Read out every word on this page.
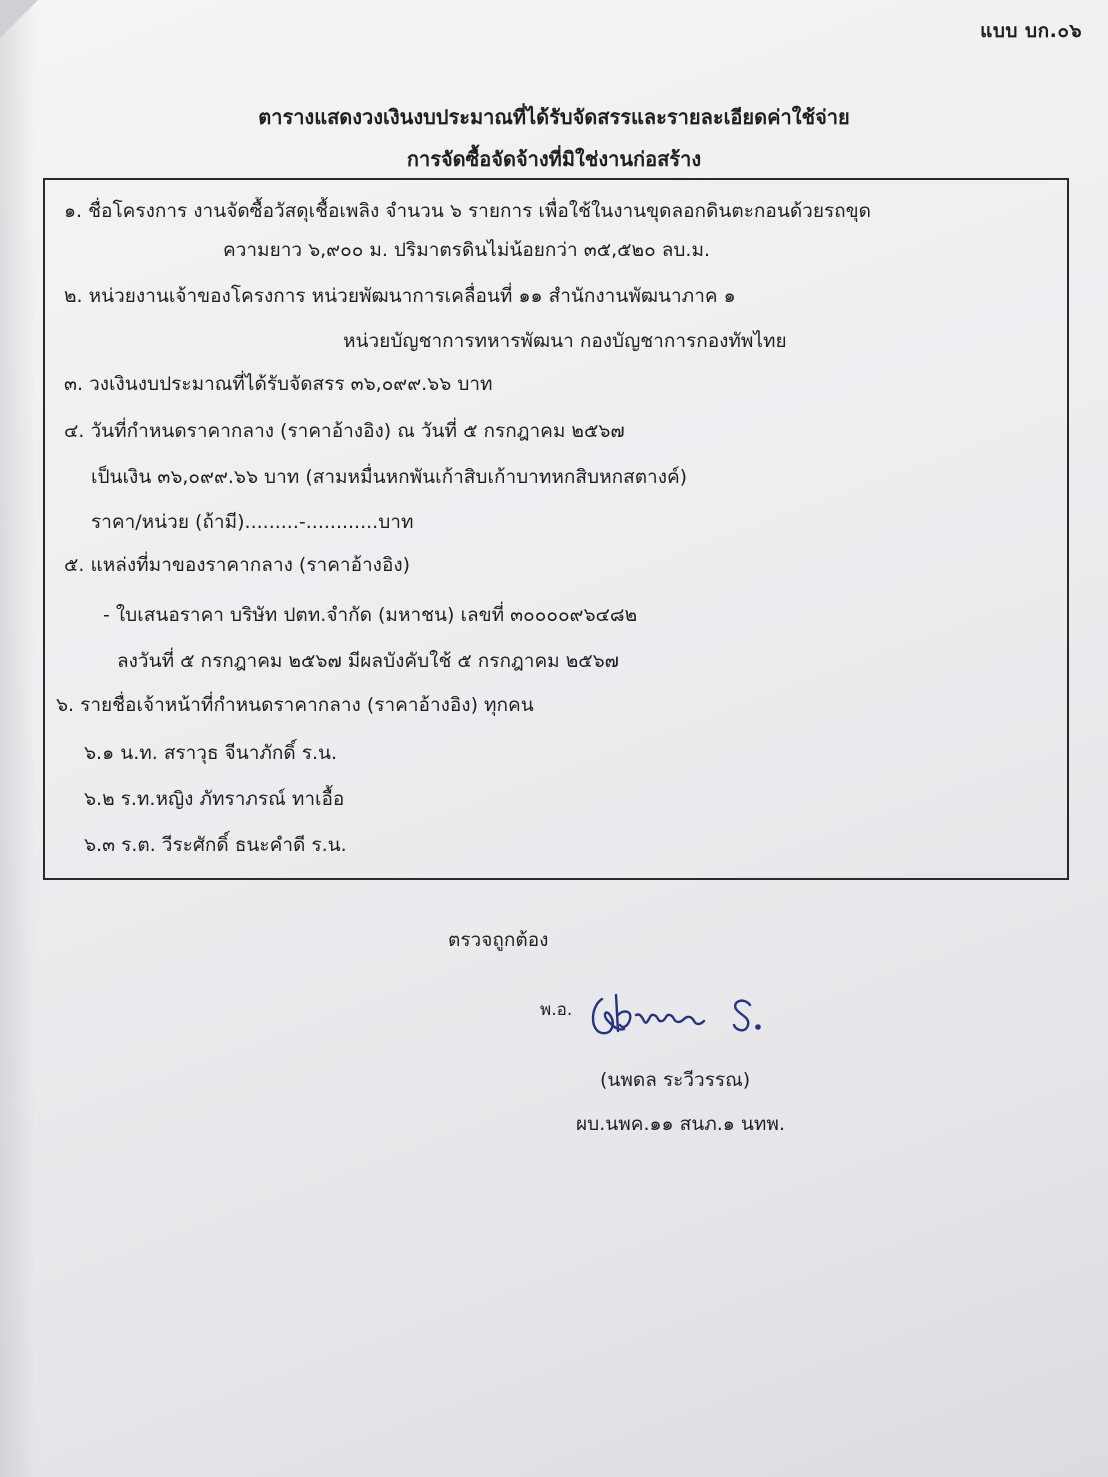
แบบ บก.๐๖
ตารางแสดงวงเงินงบประมาณที่ได้รับจัดสรรและรายละเอียดค่าใช้จ่าย
การจัดซื้อจัดจ้างที่มิใช่งานก่อสร้าง
๑. ชื่อโครงการ งานจัดซื้อวัสดุเชื้อเพลิง จำนวน ๖ รายการ เพื่อใช้ในงานขุดลอกดินตะกอนด้วยรถขุด
ความยาว ๖,๙๐๐ ม. ปริมาตรดินไม่น้อยกว่า ๓๕,๕๒๐ ลบ.ม.
๒. หน่วยงานเจ้าของโครงการ หน่วยพัฒนาการเคลื่อนที่ ๑๑ สำนักงานพัฒนาภาค ๑
หน่วยบัญชาการทหารพัฒนา กองบัญชาการกองทัพไทย
๓. วงเงินงบประมาณที่ได้รับจัดสรร ๓๖,๐๙๙.๖๖ บาท
๔. วันที่กำหนดราคากลาง (ราคาอ้างอิง) ณ วันที่ ๕ กรกฎาคม ๒๕๖๗
เป็นเงิน ๓๖,๐๙๙.๖๖ บาท (สามหมื่นหกพันเก้าสิบเก้าบาทหกสิบหกสตางค์)
ราคา/หน่วย (ถ้ามี).........-............บาท
๕. แหล่งที่มาของราคากลาง (ราคาอ้างอิง)
- ใบเสนอราคา บริษัท ปตท.จำกัด (มหาชน) เลขที่ ๓๐๐๐๐๙๖๔๘๒
ลงวันที่ ๕ กรกฎาคม ๒๕๖๗ มีผลบังคับใช้ ๕ กรกฎาคม ๒๕๖๗
๖. รายชื่อเจ้าหน้าที่กำหนดราคากลาง (ราคาอ้างอิง) ทุกคน
๖.๑ น.ท. สราวุธ จีนาภักดิ์ ร.น.
๖.๒ ร.ท.หญิง ภัทราภรณ์ ทาเอื้อ
๖.๓ ร.ต. วีระศักดิ์ ธนะคำดี ร.น.
ตรวจถูกต้อง
พ.อ.
(นพดล ระวีวรรณ)
ผบ.นพค.๑๑ สนภ.๑ นทพ.
